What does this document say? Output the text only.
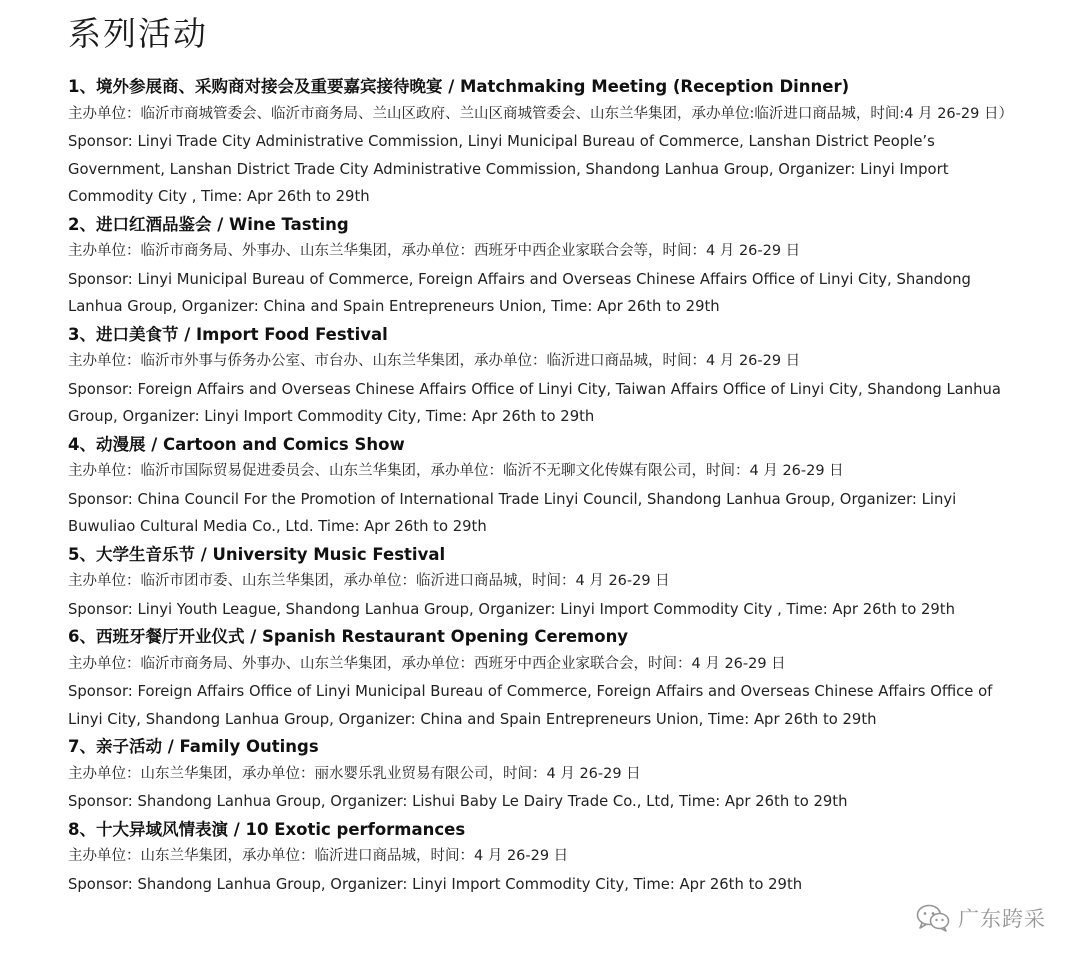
系列活动
1、境外参展商、采购商对接会及重要嘉宾接待晚宴 / Matchmaking Meeting (Reception Dinner)
主办单位：临沂市商城管委会、临沂市商务局、兰山区政府、兰山区商城管委会、山东兰华集团，承办单位:临沂进口商品城，时间:4 月 26-29 日）
Sponsor: Linyi Trade City Administrative Commission, Linyi Municipal Bureau of Commerce, Lanshan District People’s Government, Lanshan District Trade City Administrative Commission, Shandong Lanhua Group, Organizer: Linyi Import Commodity City , Time: Apr 26th to 29th
2、进口红酒品鉴会 / Wine Tasting
主办单位：临沂市商务局、外事办、山东兰华集团，承办单位：西班牙中西企业家联合会等，时间：4 月 26-29 日
Sponsor: Linyi Municipal Bureau of Commerce, Foreign Affairs and Overseas Chinese Affairs Office of Linyi City, Shandong Lanhua Group, Organizer: China and Spain Entrepreneurs Union, Time: Apr 26th to 29th
3、进口美食节 / Import Food Festival
主办单位：临沂市外事与侨务办公室、市台办、山东兰华集团，承办单位：临沂进口商品城，时间：4 月 26-29 日
Sponsor: Foreign Affairs and Overseas Chinese Affairs Office of Linyi City, Taiwan Affairs Office of Linyi City, Shandong Lanhua Group, Organizer: Linyi Import Commodity City, Time: Apr 26th to 29th
4、动漫展 / Cartoon and Comics Show
主办单位：临沂市国际贸易促进委员会、山东兰华集团，承办单位：临沂不无聊文化传媒有限公司，时间：4 月 26-29 日
Sponsor: China Council For the Promotion of International Trade Linyi Council, Shandong Lanhua Group, Organizer: Linyi Buwuliao Cultural Media Co., Ltd. Time: Apr 26th to 29th
5、大学生音乐节 / University Music Festival
主办单位：临沂市团市委、山东兰华集团，承办单位：临沂进口商品城，时间：4 月 26-29 日
Sponsor: Linyi Youth League, Shandong Lanhua Group, Organizer: Linyi Import Commodity City , Time: Apr 26th to 29th
6、西班牙餐厅开业仪式 / Spanish Restaurant Opening Ceremony
主办单位：临沂市商务局、外事办、山东兰华集团，承办单位：西班牙中西企业家联合会，时间：4 月 26-29 日
Sponsor: Foreign Affairs Office of Linyi Municipal Bureau of Commerce, Foreign Affairs and Overseas Chinese Affairs Office of Linyi City, Shandong Lanhua Group, Organizer: China and Spain Entrepreneurs Union, Time: Apr 26th to 29th
7、亲子活动 / Family Outings
主办单位：山东兰华集团，承办单位：丽水婴乐乳业贸易有限公司，时间：4 月 26-29 日
Sponsor: Shandong Lanhua Group, Organizer: Lishui Baby Le Dairy Trade Co., Ltd, Time: Apr 26th to 29th
8、十大异域风情表演 / 10 Exotic performances
主办单位：山东兰华集团，承办单位：临沂进口商品城，时间：4 月 26-29 日
Sponsor: Shandong Lanhua Group, Organizer: Linyi Import Commodity City, Time: Apr 26th to 29th
广东跨采
